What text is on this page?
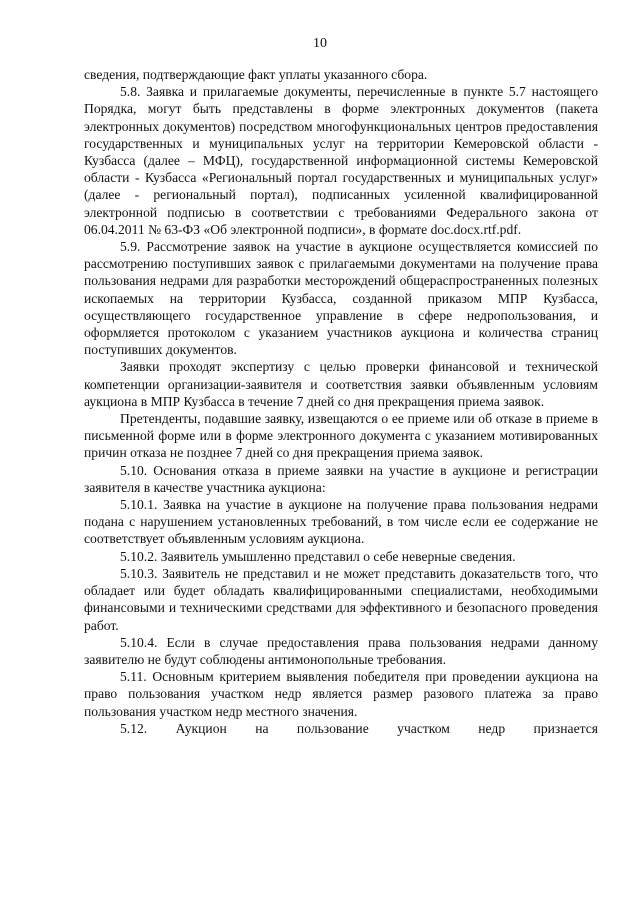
10

сведения, подтверждающие факт уплаты указанного сбора.

5.8. Заявка и прилагаемые документы, перечисленные в пункте 5.7 настоящего Порядка, могут быть представлены в форме электронных документов (пакета электронных документов) посредством многофункциональных центров предоставления государственных и муниципальных услуг на территории Кемеровской области - Кузбасса (далее – МФЦ), государственной информационной системы Кемеровской области - Кузбасса «Региональный портал государственных и муниципальных услуг» (далее - региональный портал), подписанных усиленной квалифицированной электронной подписью в соответствии с требованиями Федерального закона от 06.04.2011 № 63-ФЗ «Об электронной подписи», в формате doc.docx.rtf.pdf.

5.9. Рассмотрение заявок на участие в аукционе осуществляется комиссией по рассмотрению поступивших заявок с прилагаемыми документами на получение права пользования недрами для разработки месторождений общераспространенных полезных ископаемых на территории Кузбасса, созданной приказом МПР Кузбасса, осуществляющего государственное управление в сфере недропользования, и оформляется протоколом с указанием участников аукциона и количества страниц поступивших документов.

Заявки проходят экспертизу с целью проверки финансовой и технической компетенции организации-заявителя и соответствия заявки объявленным условиям аукциона в МПР Кузбасса в течение 7 дней со дня прекращения приема заявок.

Претенденты, подавшие заявку, извещаются о ее приеме или об отказе в приеме в письменной форме или в форме электронного документа с указанием мотивированных причин отказа не позднее 7 дней со дня прекращения приема заявок.

5.10. Основания отказа в приеме заявки на участие в аукционе и регистрации заявителя в качестве участника аукциона:

5.10.1. Заявка на участие в аукционе на получение права пользования недрами подана с нарушением установленных требований, в том числе если ее содержание не соответствует объявленным условиям аукциона.

5.10.2. Заявитель умышленно представил о себе неверные сведения.

5.10.3. Заявитель не представил и не может представить доказательств того, что обладает или будет обладать квалифицированными специалистами, необходимыми финансовыми и техническими средствами для эффективного и безопасного проведения работ.

5.10.4. Если в случае предоставления права пользования недрами данному заявителю не будут соблюдены антимонопольные требования.

5.11. Основным критерием выявления победителя при проведении аукциона на право пользования участком недр является размер разового платежа за право пользования участком недр местного значения.

5.12. Аукцион на пользование участком недр признается
